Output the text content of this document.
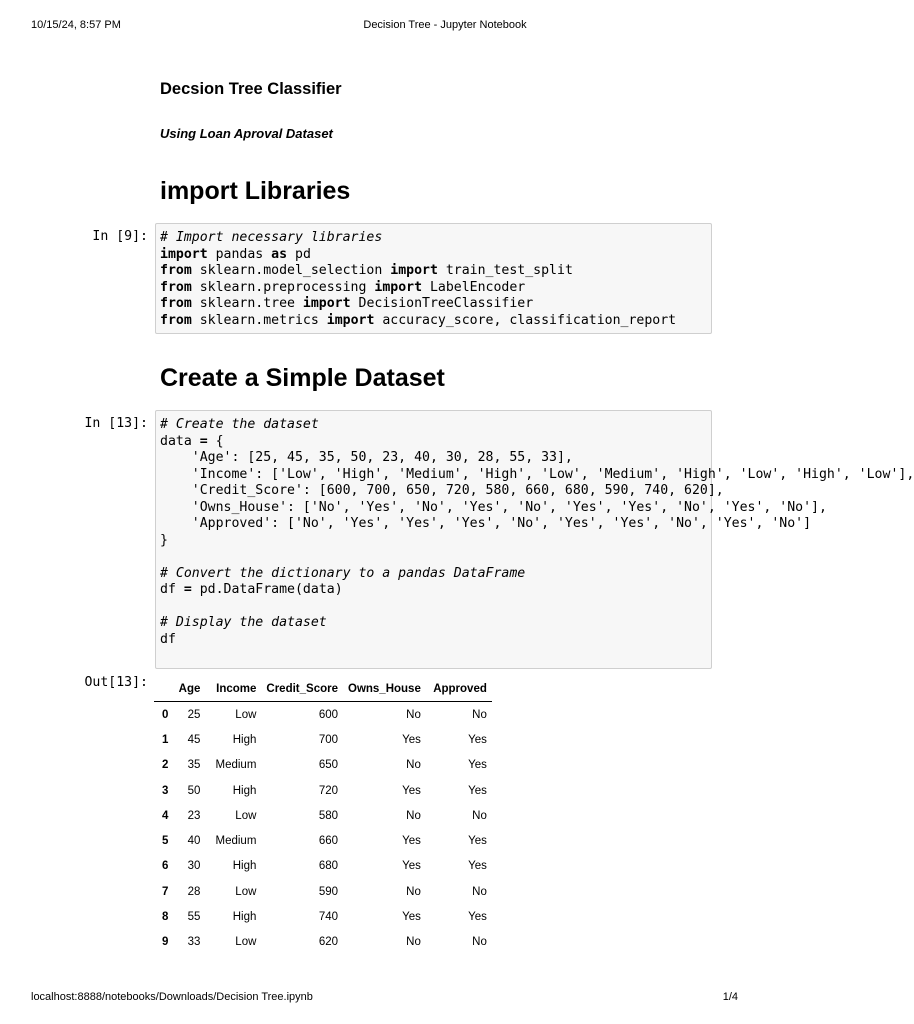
10/15/24, 8:57 PM	Decision Tree - Jupyter Notebook
Decsion Tree Classifier

Using Loan Aproval Dataset

import Libraries
In [9]: # Import necessary libraries
import pandas as pd
from sklearn.model_selection import train_test_split
from sklearn.preprocessing import LabelEncoder
from sklearn.tree import DecisionTreeClassifier
from sklearn.metrics import accuracy_score, classification_report
Create a Simple Dataset
In [13]: # Create the dataset
data = {
'Age': [25, 45, 35, 50, 23, 40, 30, 28, 55, 33],
'Income': ['Low', 'High', 'Medium', 'High', 'Low', 'Medium', 'High', 'Low', 'High', 'Low'],
'Credit_Score': [600, 700, 650, 720, 580, 660, 680, 590, 740, 620],
'Owns_House': ['No', 'Yes', 'No', 'Yes', 'No', 'Yes', 'Yes', 'No', 'Yes', 'No'],
'Approved': ['No', 'Yes', 'Yes', 'Yes', 'No', 'Yes', 'Yes', 'No', 'Yes', 'No']
}
# Convert the dictionary to a pandas DataFrame
df = pd.DataFrame(data)
# Display the dataset
df
Out[13]:
		Age	Income	Credit_Score	Owns_House	Approved
0	25	Low	600	No	No
1	45	High	700	Yes	Yes
2	35	Medium	650	No	Yes
3	50	High	720	Yes	Yes
4	23	Low	580	No	No
5	40	Medium	660	Yes	Yes
6	30	High	680	Yes	Yes
7	28	Low	590	No	No
8	55	High	740	Yes	Yes
9	33	Low	620	No	No
localhost:8888/notebooks/Downloads/Decision Tree.ipynb	1/4
